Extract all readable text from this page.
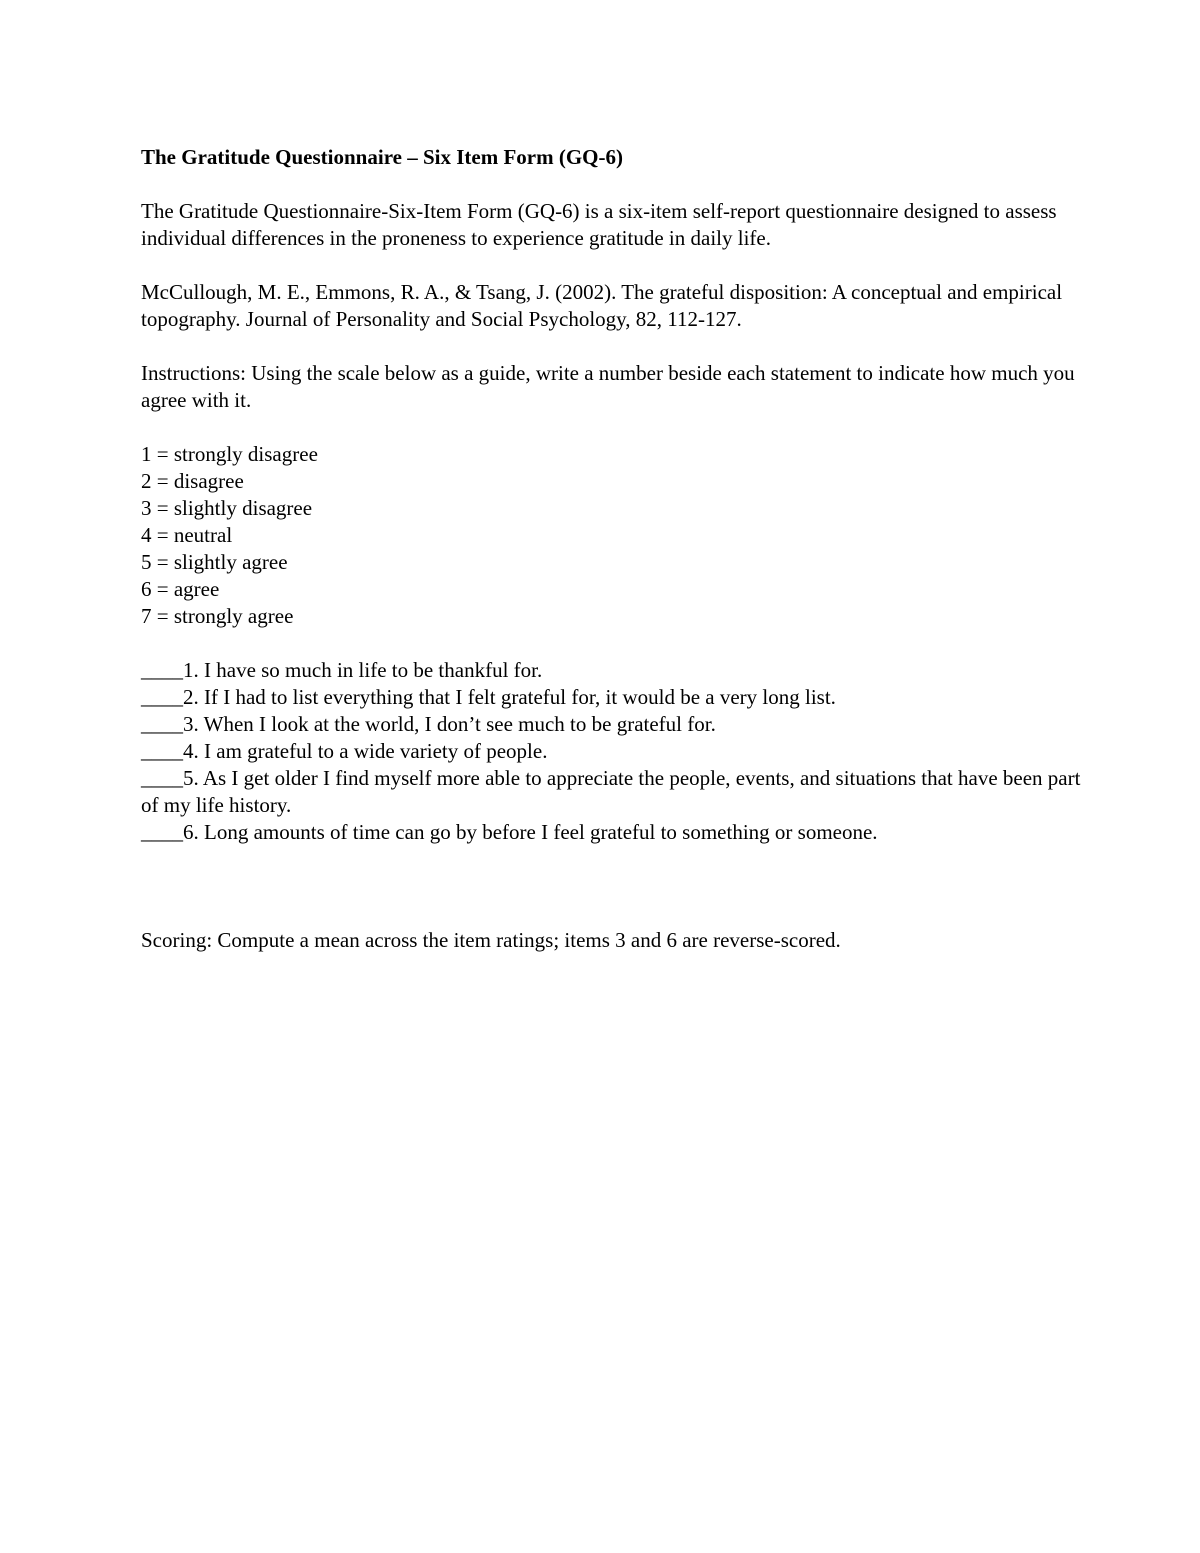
The Gratitude Questionnaire – Six Item Form (GQ-6)

The Gratitude Questionnaire-Six-Item Form (GQ-6) is a six-item self-report questionnaire designed to assess individual differences in the proneness to experience gratitude in daily life.

McCullough, M. E., Emmons, R. A., & Tsang, J. (2002). The grateful disposition: A conceptual and empirical topography. Journal of Personality and Social Psychology, 82, 112-127.

Instructions: Using the scale below as a guide, write a number beside each statement to indicate how much you agree with it.

1 = strongly disagree
2 = disagree
3 = slightly disagree
4 = neutral
5 = slightly agree
6 = agree
7 = strongly agree
____1. I have so much in life to be thankful for.
____2. If I had to list everything that I felt grateful for, it would be a very long list.
____3. When I look at the world, I don’t see much to be grateful for.
____4. I am grateful to a wide variety of people.
____5. As I get older I find myself more able to appreciate the people, events, and situations that have been part of my life history.
____6. Long amounts of time can go by before I feel grateful to something or someone.

Scoring: Compute a mean across the item ratings; items 3 and 6 are reverse-scored.
